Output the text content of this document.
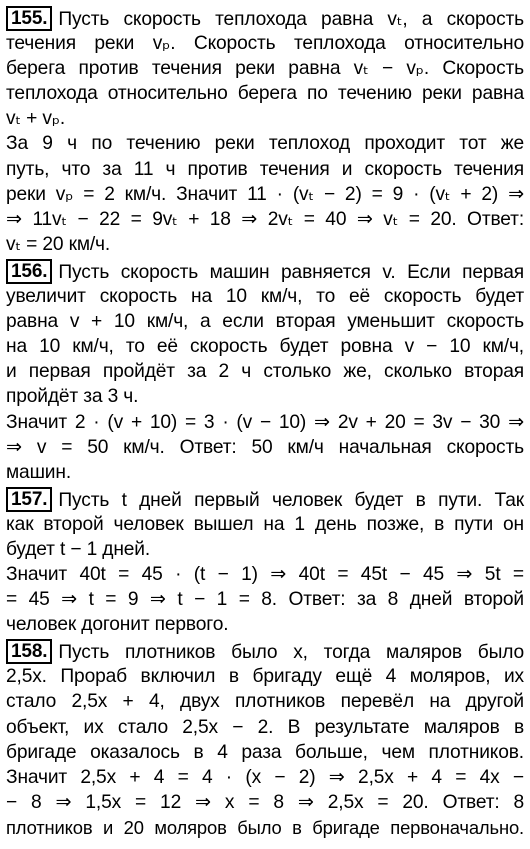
155. Пусть скорость теплохода равна vₜ, а скорость
течения реки vₚ. Скорость теплохода относительно
берега против течения реки равна vₜ − vₚ. Скорость
теплохода относительно берега по течению реки равна
vₜ + vₚ.
За 9 ч по течению реки теплоход проходит тот же
путь, что за 11 ч против течения и скорость течения
реки vₚ = 2 км/ч. Значит 11 · (vₜ − 2) = 9 · (vₜ + 2) ⇒
⇒ 11vₜ − 22 = 9vₜ + 18 ⇒ 2vₜ = 40 ⇒ vₜ = 20. Ответ:
vₜ = 20 км/ч.
156. Пусть скорость машин равняется v. Если первая
увеличит скорость на 10 км/ч, то её скорость будет
равна v + 10 км/ч, а если вторая уменьшит скорость
на 10 км/ч, то её скорость будет ровна v − 10 км/ч,
и первая пройдёт за 2 ч столько же, сколько вторая
пройдёт за 3 ч.
Значит 2 · (v + 10) = 3 · (v − 10) ⇒ 2v + 20 = 3v − 30 ⇒
⇒ v = 50 км/ч. Ответ: 50 км/ч начальная скорость
машин.
157. Пусть t дней первый человек будет в пути. Так
как второй человек вышел на 1 день позже, в пути он
будет t − 1 дней.
Значит 40t = 45 · (t − 1) ⇒ 40t = 45t − 45 ⇒ 5t =
= 45 ⇒ t = 9 ⇒ t − 1 = 8. Ответ: за 8 дней второй
человек догонит первого.
158. Пусть плотников было x, тогда маляров было
2,5x. Прораб включил в бригаду ещё 4 моляров, их
стало 2,5x + 4, двух плотников перевёл на другой
объект, их стало 2,5x − 2. В результате маляров в
бригаде оказалось в 4 раза больше, чем плотников.
Значит 2,5x + 4 = 4 · (x − 2) ⇒ 2,5x + 4 = 4x −
− 8 ⇒ 1,5x = 12 ⇒ x = 8 ⇒ 2,5x = 20. Ответ: 8
плотников и 20 моляров было в бригаде первоначально.
